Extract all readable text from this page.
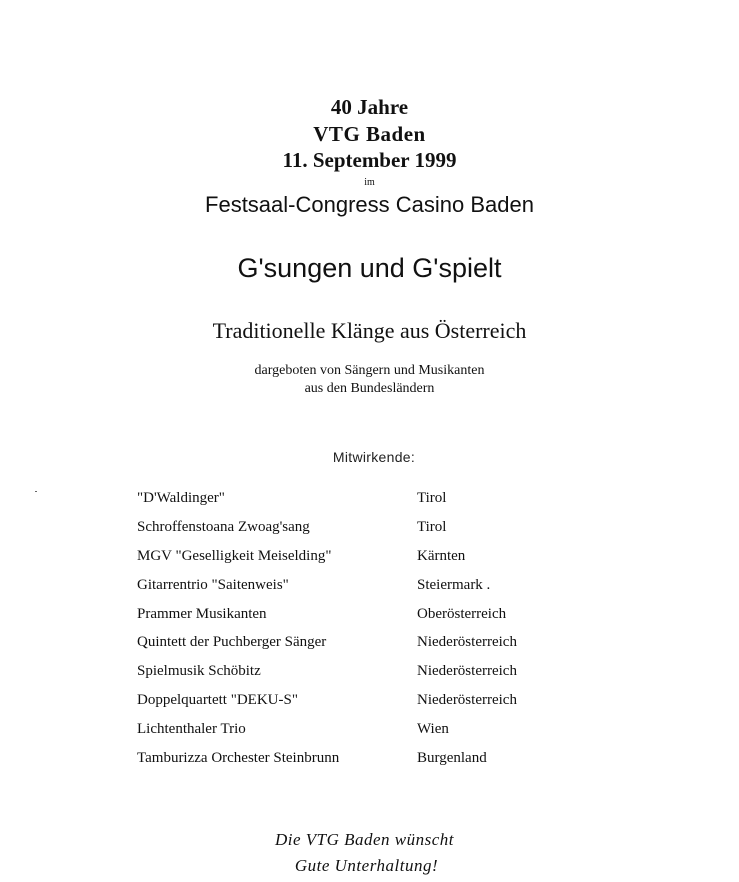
40 Jahre
VTG Baden
11. September 1999
im
Festsaal-Congress Casino Baden
G'sungen und G'spielt
Traditionelle Klänge aus Österreich
dargeboten von Sängern und Musikanten
aus den Bundesländern
Mitwirkende:
"D'Waldinger"	Tirol
Schroffenstoana Zwoag'sang	Tirol
MGV "Geselligkeit Meiselding"	Kärnten
Gitarrentrio "Saitenweis"	Steiermark .
Prammer Musikanten	Oberösterreich
Quintett der Puchberger Sänger	Niederösterreich
Spielmusik Schöbitz	Niederösterreich
Doppelquartett "DEKU-S"	Niederösterreich
Lichtenthaler Trio	Wien
Tamburizza Orchester Steinbrunn	Burgenland
Die VTG Baden wünscht
Gute Unterhaltung!
